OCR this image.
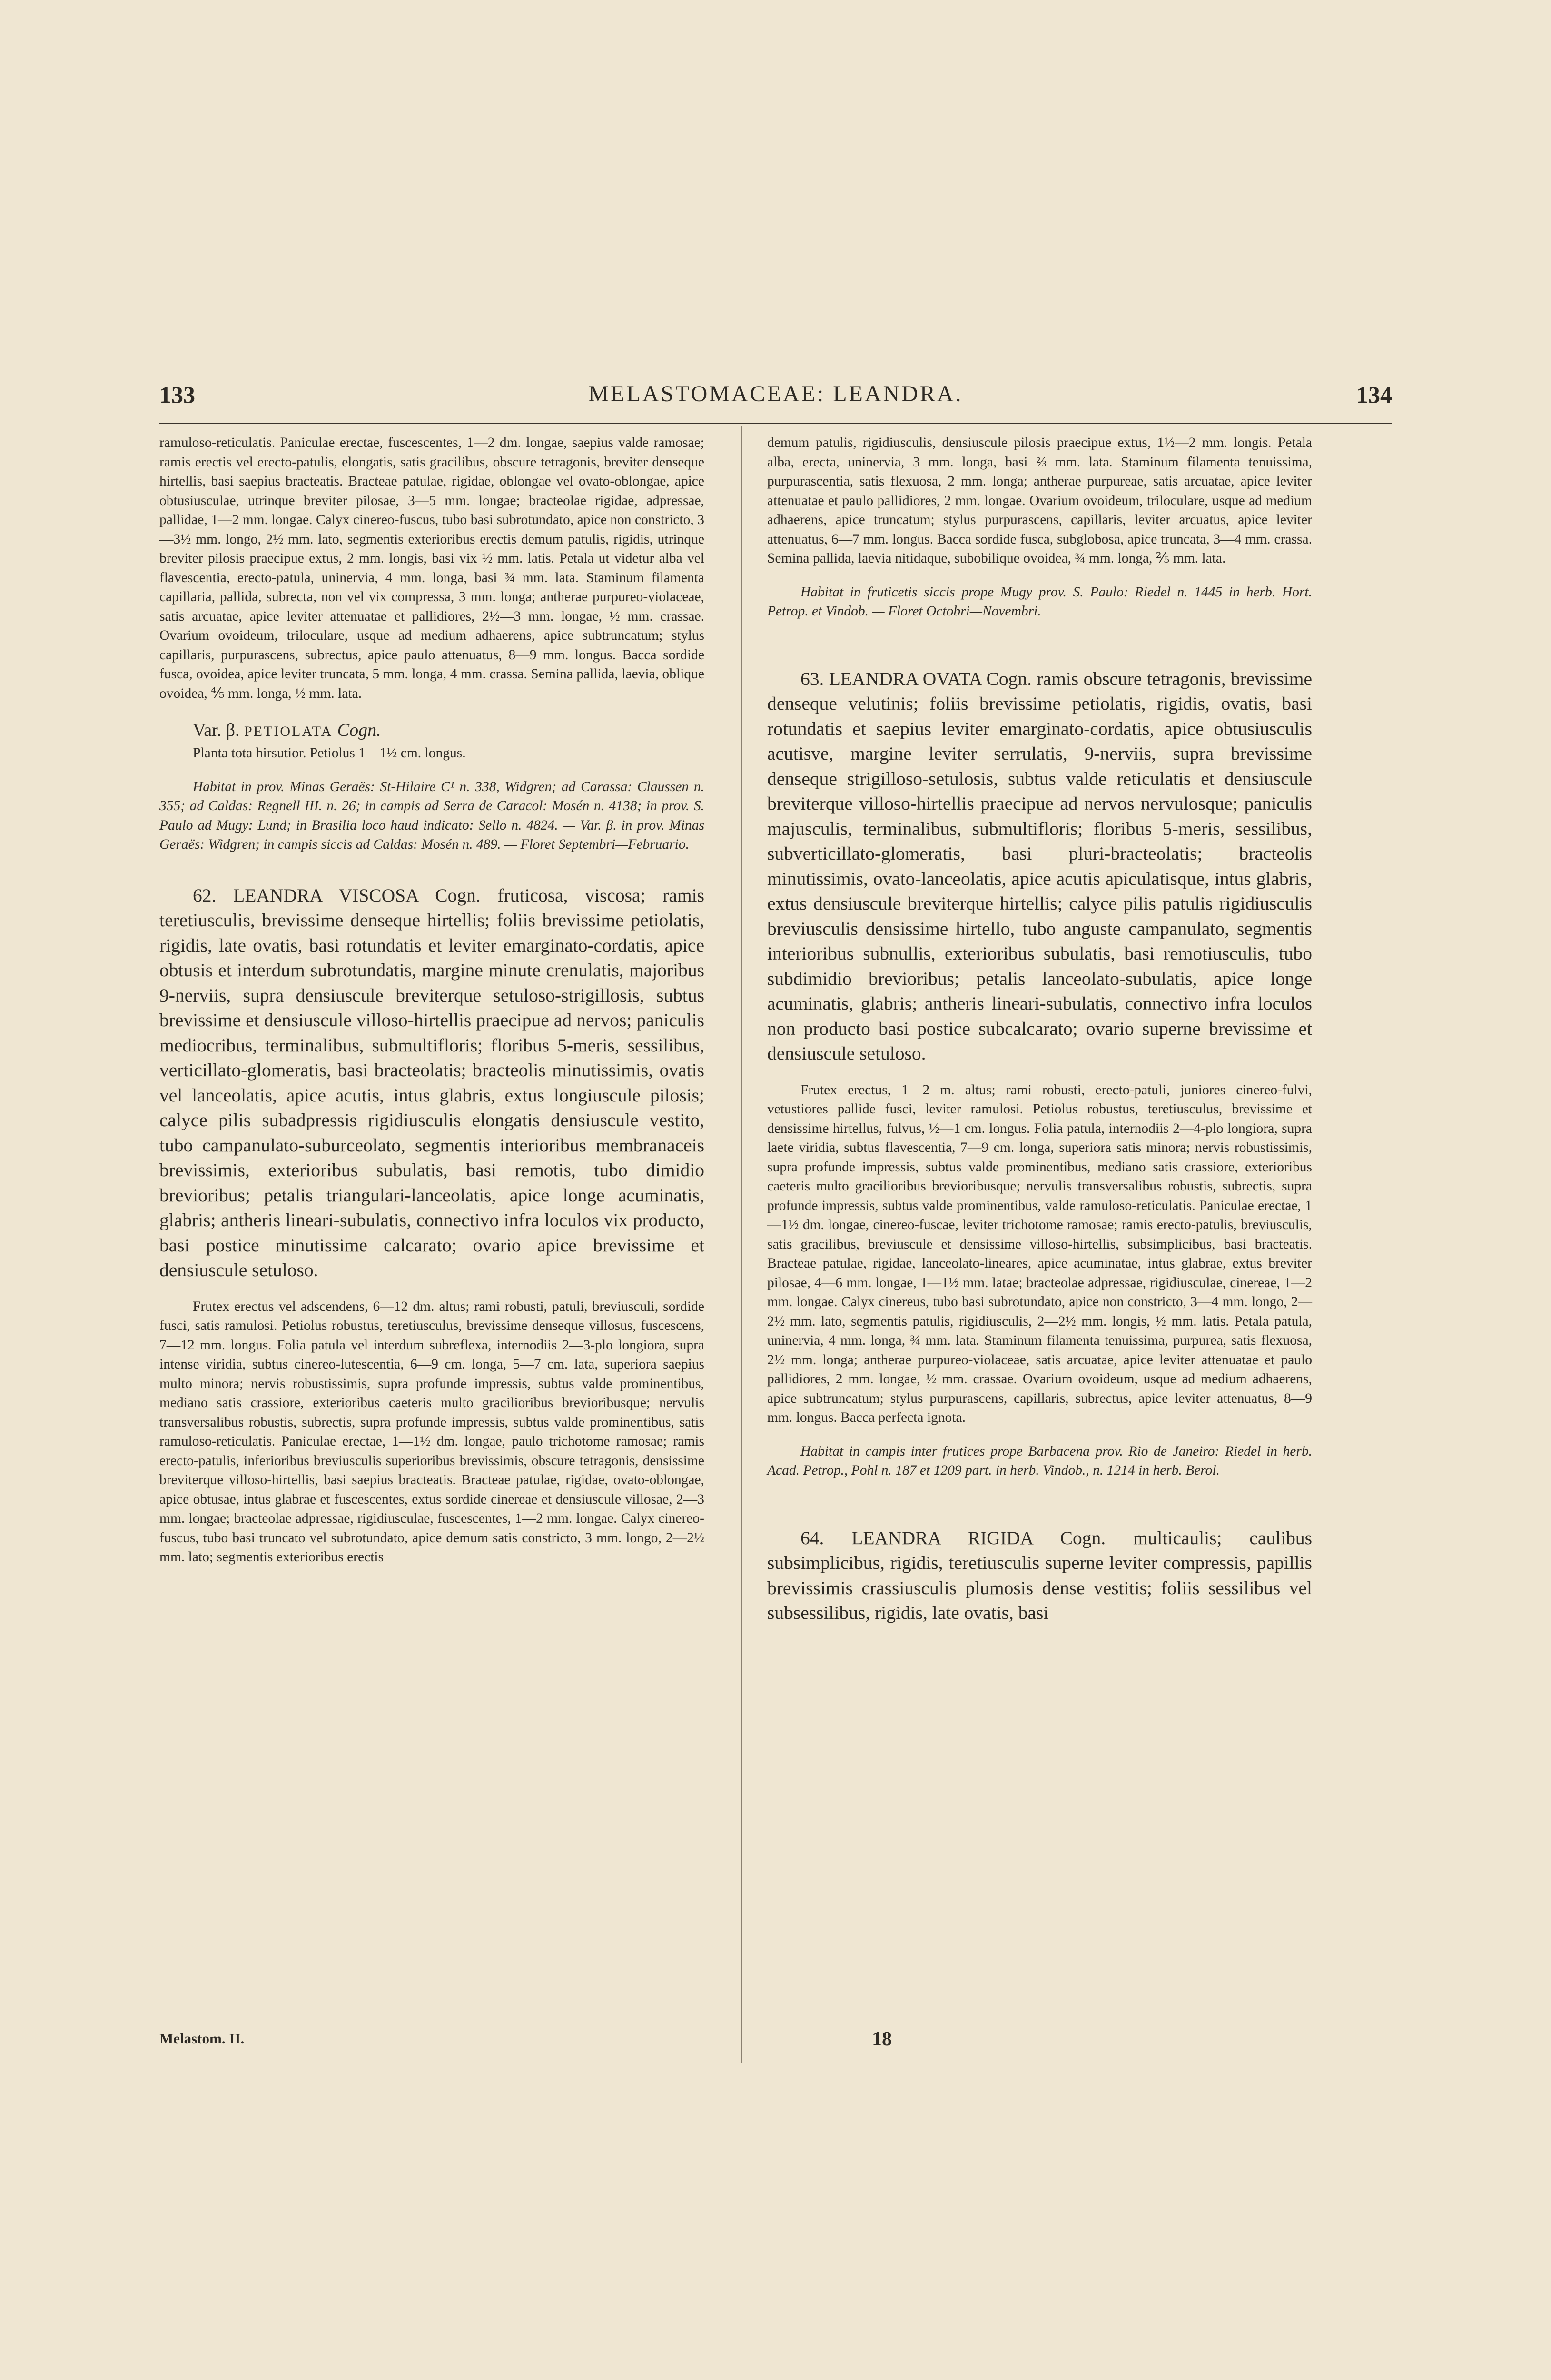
133	MELASTOMACEAE: LEANDRA.	134

ramuloso-reticulatis. Paniculae erectae, fuscescentes, 1—2 dm. longae, saepius valde ramosae; ramis erectis vel erecto-patulis, elongatis, satis gracilibus, obscure tetragonis, breviter denseque hirtellis, basi saepius bracteatis. Bracteae patulae, rigidae, oblongae vel ovato-oblongae, apice obtusiusculae, utrinque breviter pilosae, 3—5 mm. longae; bracteolae rigidae, adpressae, pallidae, 1—2 mm. longae. Calyx cinereo-fuscus, tubo basi subrotundato, apice non constricto, 3—3½ mm. longo, 2½ mm. lato, segmentis exterioribus erectis demum patulis, rigidis, utrinque breviter pilosis praecipue extus, 2 mm. longis, basi vix ½ mm. latis. Petala ut videtur alba vel flavescentia, erecto-patula, uninervia, 4 mm. longa, basi ¾ mm. lata. Staminum filamenta capillaria, pallida, subrecta, non vel vix compressa, 3 mm. longa; antherae purpureo-violaceae, satis arcuatae, apice leviter attenuatae et pallidiores, 2½—3 mm. longae, ½ mm. crassae. Ovarium ovoideum, triloculare, usque ad medium adhaerens, apice subtruncatum; stylus capillaris, purpurascens, subrectus, apice paulo attenuatus, 8—9 mm. longus. Bacca sordide fusca, ovoidea, apice leviter truncata, 5 mm. longa, 4 mm. crassa. Semina pallida, laevia, oblique ovoidea, ⅘ mm. longa, ½ mm. lata.

Var. β. PETIOLATA Cogn.

Planta tota hirsutior. Petiolus 1—1½ cm. longus.

Habitat in prov. Minas Geraës: St-Hilaire C¹ n. 338, Widgren; ad Carassa: Claussen n. 355; ad Caldas: Regnell III. n. 26; in campis ad Serra de Caracol: Mosén n. 4138; in prov. S. Paulo ad Mugy: Lund; in Brasilia loco haud indicato: Sello n. 4824. — Var. β. in prov. Minas Geraës: Widgren; in campis siccis ad Caldas: Mosén n. 489. — Floret Septembri—Februario.

62. LEANDRA VISCOSA Cogn. fruticosa, viscosa; ramis teretiusculis, brevissime denseque hirtellis; foliis brevissime petiolatis, rigidis, late ovatis, basi rotundatis et leviter emarginato-cordatis, apice obtusis et interdum subrotundatis, margine minute crenulatis, majoribus 9-nerviis, supra densiuscule breviterque setuloso-strigillosis, subtus brevissime et densiuscule villoso-hirtellis praecipue ad nervos; paniculis mediocribus, terminalibus, submultifloris; floribus 5-meris, sessilibus, verticillato-glomeratis, basi bracteolatis; bracteolis minutissimis, ovatis vel lanceolatis, apice acutis, intus glabris, extus longiuscule pilosis; calyce pilis subadpressis rigidiusculis elongatis densiuscule vestito, tubo campanulato-suburceolato, segmentis interioribus membranaceis brevissimis, exterioribus subulatis, basi remotis, tubo dimidio brevioribus; petalis triangulari-lanceolatis, apice longe acuminatis, glabris; antheris lineari-subulatis, connectivo infra loculos vix producto, basi postice minutissime calcarato; ovario apice brevissime et densiuscule setuloso.

Frutex erectus vel adscendens, 6—12 dm. altus; rami robusti, patuli, breviusculi, sordide fusci, satis ramulosi. Petiolus robustus, teretiusculus, brevissime denseque villosus, fuscescens, 7—12 mm. longus. Folia patula vel interdum subreflexa, internodiis 2—3-plo longiora, supra intense viridia, subtus cinereo-lutescentia, 6—9 cm. longa, 5—7 cm. lata, superiora saepius multo minora; nervis robustissimis, supra profunde impressis, subtus valde prominentibus, mediano satis crassiore, exterioribus caeteris multo gracilioribus brevioribusque; nervulis transversalibus robustis, subrectis, supra profunde impressis, subtus valde prominentibus, satis ramuloso-reticulatis. Paniculae erectae, 1—1½ dm. longae, paulo trichotome ramosae; ramis erecto-patulis, inferioribus breviusculis superioribus brevissimis, obscure tetragonis, densissime breviterque villoso-hirtellis, basi saepius bracteatis. Bracteae patulae, rigidae, ovato-oblongae, apice obtusae, intus glabrae et fuscescentes, extus sordide cinereae et densiuscule villosae, 2—3 mm. longae; bracteolae adpressae, rigidiusculae, fuscescentes, 1—2 mm. longae. Calyx cinereo-fuscus, tubo basi truncato vel subrotundato, apice demum satis constricto, 3 mm. longo, 2—2½ mm. lato; segmentis exterioribus erectis

demum patulis, rigidiusculis, densiuscule pilosis praecipue extus, 1½—2 mm. longis. Petala alba, erecta, uninervia, 3 mm. longa, basi ⅔ mm. lata. Staminum filamenta tenuissima, purpurascentia, satis flexuosa, 2 mm. longa; antherae purpureae, satis arcuatae, apice leviter attenuatae et paulo pallidiores, 2 mm. longae. Ovarium ovoideum, triloculare, usque ad medium adhaerens, apice truncatum; stylus purpurascens, capillaris, leviter arcuatus, apice leviter attenuatus, 6—7 mm. longus. Bacca sordide fusca, subglobosa, apice truncata, 3—4 mm. crassa. Semina pallida, laevia nitidaque, subobilique ovoidea, ¾ mm. longa, ⅖ mm. lata.

Habitat in fruticetis siccis prope Mugy prov. S. Paulo: Riedel n. 1445 in herb. Hort. Petrop. et Vindob. — Floret Octobri—Novembri.

63. LEANDRA OVATA Cogn. ramis obscure tetragonis, brevissime denseque velutinis; foliis brevissime petiolatis, rigidis, ovatis, basi rotundatis et saepius leviter emarginato-cordatis, apice obtusiusculis acutisve, margine leviter serrulatis, 9-nerviis, supra brevissime denseque strigilloso-setulosis, subtus valde reticulatis et densiuscule breviterque villoso-hirtellis praecipue ad nervos nervulosque; paniculis majusculis, terminalibus, submultifloris; floribus 5-meris, sessilibus, subverticillato-glomeratis, basi pluri-bracteolatis; bracteolis minutissimis, ovato-lanceolatis, apice acutis apiculatisque, intus glabris, extus densiuscule breviterque hirtellis; calyce pilis patulis rigidiusculis breviusculis densissime hirtello, tubo anguste campanulato, segmentis interioribus subnullis, exterioribus subulatis, basi remotiusculis, tubo subdimidio brevioribus; petalis lanceolato-subulatis, apice longe acuminatis, glabris; antheris lineari-subulatis, connectivo infra loculos non producto basi postice subcalcarato; ovario superne brevissime et densiuscule setuloso.

Frutex erectus, 1—2 m. altus; rami robusti, erecto-patuli, juniores cinereo-fulvi, vetustiores pallide fusci, leviter ramulosi. Petiolus robustus, teretiusculus, brevissime et densissime hirtellus, fulvus, ½—1 cm. longus. Folia patula, internodiis 2—4-plo longiora, supra laete viridia, subtus flavescentia, 7—9 cm. longa, superiora satis minora; nervis robustissimis, supra profunde impressis, subtus valde prominentibus, mediano satis crassiore, exterioribus caeteris multo gracilioribus brevioribusque; nervulis transversalibus robustis, subrectis, supra profunde impressis, subtus valde prominentibus, valde ramuloso-reticulatis. Paniculae erectae, 1—1½ dm. longae, cinereo-fuscae, leviter trichotome ramosae; ramis erecto-patulis, breviusculis, satis gracilibus, breviuscule et densissime villoso-hirtellis, subsimplicibus, basi bracteatis. Bracteae patulae, rigidae, lanceolato-lineares, apice acuminatae, intus glabrae, extus breviter pilosae, 4—6 mm. longae, 1—1½ mm. latae; bracteolae adpressae, rigidiusculae, cinereae, 1—2 mm. longae. Calyx cinereus, tubo basi subrotundato, apice non constricto, 3—4 mm. longo, 2—2½ mm. lato, segmentis patulis, rigidiusculis, 2—2½ mm. longis, ½ mm. latis. Petala patula, uninervia, 4 mm. longa, ¾ mm. lata. Staminum filamenta tenuissima, purpurea, satis flexuosa, 2½ mm. longa; antherae purpureo-violaceae, satis arcuatae, apice leviter attenuatae et paulo pallidiores, 2 mm. longae, ½ mm. crassae. Ovarium ovoideum, usque ad medium adhaerens, apice subtruncatum; stylus purpurascens, capillaris, subrectus, apice leviter attenuatus, 8—9 mm. longus. Bacca perfecta ignota.

Habitat in campis inter frutices prope Barbacena prov. Rio de Janeiro: Riedel in herb. Acad. Petrop., Pohl n. 187 et 1209 part. in herb. Vindob., n. 1214 in herb. Berol.

64. LEANDRA RIGIDA Cogn. multicaulis; caulibus subsimplicibus, rigidis, teretiusculis superne leviter compressis, papillis brevissimis crassiusculis plumosis dense vestitis; foliis sessilibus vel subsessilibus, rigidis, late ovatis, basi

Melastom. II.	18
